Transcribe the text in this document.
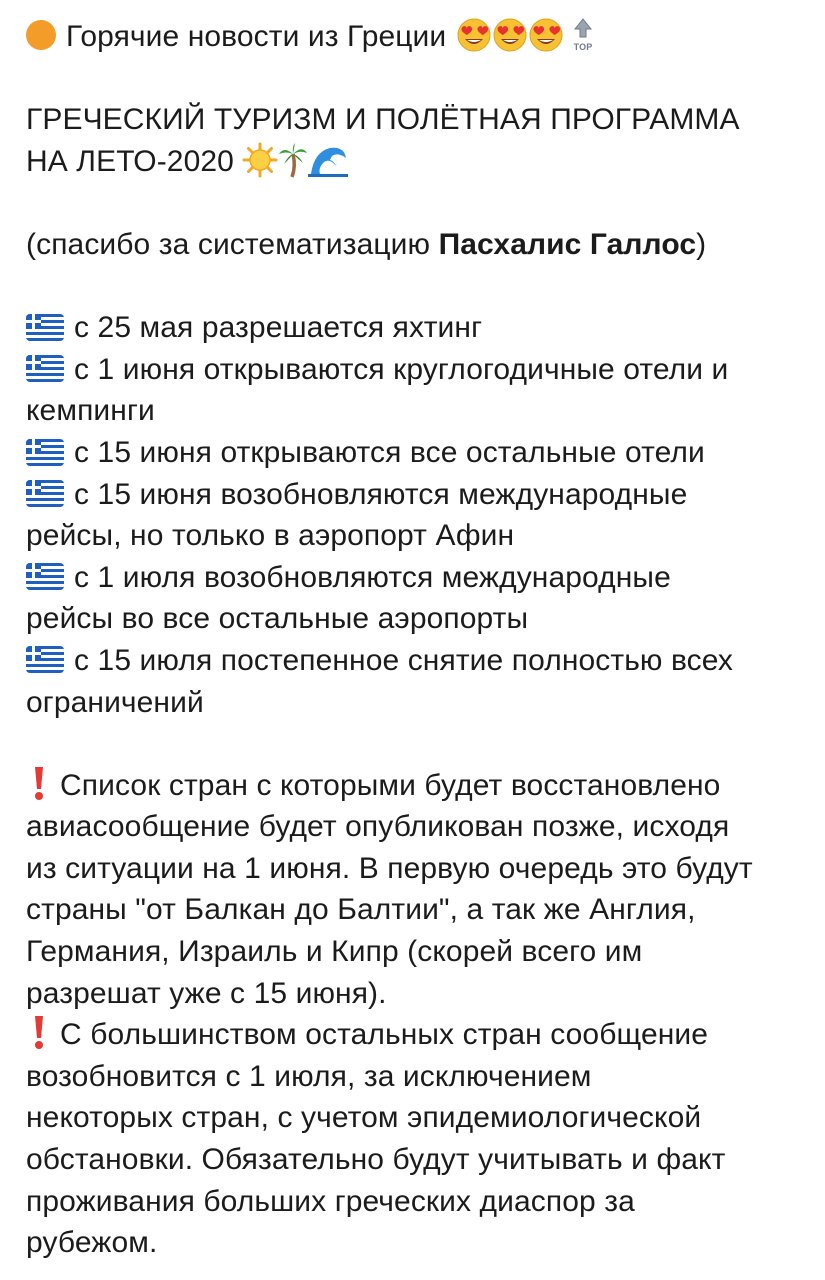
Горячие новости из Греции
	TOP
ГРЕЧЕСКИЙ ТУРИЗМ И ПОЛЁТНАЯ ПРОГРАММА
НА ЛЕТО-2020
(спасибо за систематизацию Пасхалис Галлос)
с 25 мая разрешается яхтинг
с 1 июня открываются круглогодичные отели и
кемпинги
с 15 июня открываются все остальные отели
с 15 июня возобновляются международные
рейсы, но только в аэропорт Афин
с 1 июля возобновляются международные
рейсы во все остальные аэропорты
с 15 июля постепенное снятие полностью всех
ограничений
Список стран с которыми будет восстановлено
авиасообщение будет опубликован позже, исходя
из ситуации на 1 июня. В первую очередь это будут
страны "от Балкан до Балтии", а так же Англия,
Германия, Израиль и Кипр (скорей всего им
разрешат уже с 15 июня).
С большинством остальных стран сообщение
возобновится с 1 июля, за исключением
некоторых стран, с учетом эпидемиологической
обстановки. Обязательно будут учитывать и факт
проживания больших греческих диаспор за
рубежом.
